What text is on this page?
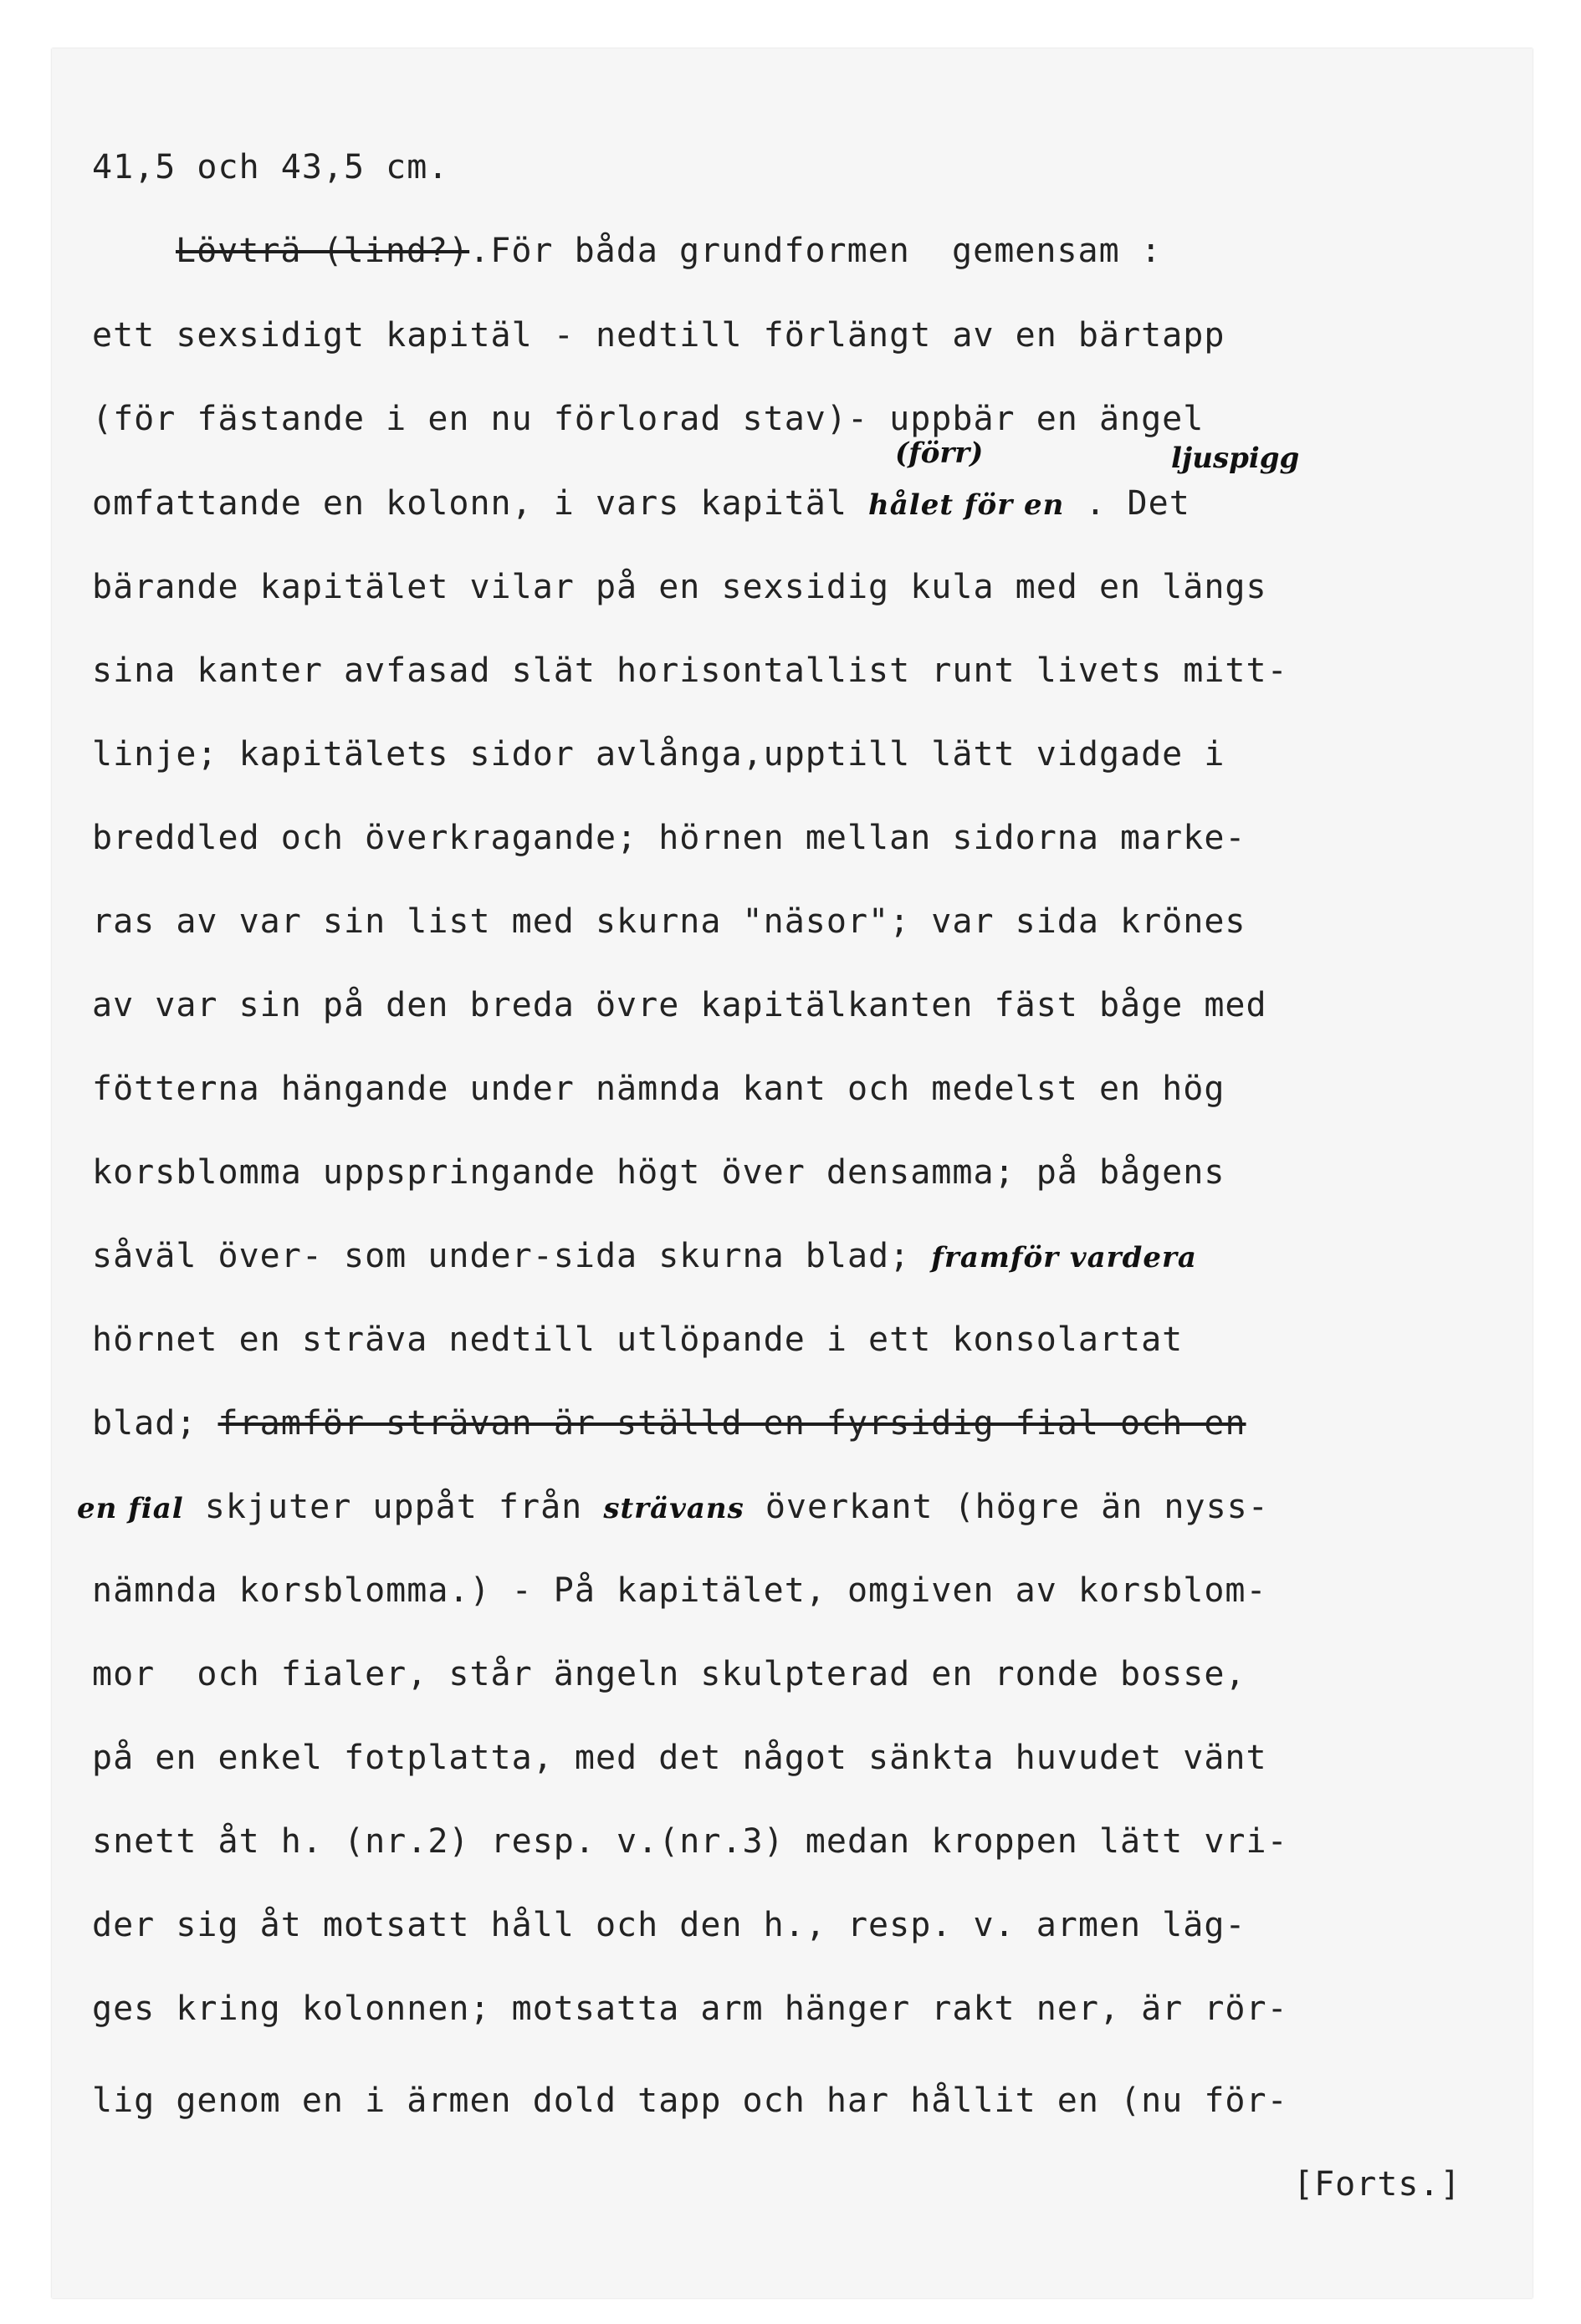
41,5 och 43,5 cm.
Lövträ (lind?).För båda grundformen  gemensam :
ett sexsidigt kapitäl - nedtill förlängt av en bärtapp
(för fästande i en nu förlorad stav)- uppbär en ängel
(förr)	ljuspigg
omfattande en kolonn, i vars kapitäl hålet för en . Det
bärande kapitälet vilar på en sexsidig kula med en längs
sina kanter avfasad slät horisontallist runt livets mitt-
linje; kapitälets sidor avlånga,upptill lätt vidgade i
breddled och överkragande; hörnen mellan sidorna marke-
ras av var sin list med skurna "näsor"; var sida krönes
av var sin på den breda övre kapitälkanten fäst båge med
fötterna hängande under nämnda kant och medelst en hög
korsblomma uppspringande högt över densamma; på bågens
såväl över- som under-sida skurna blad; framför vardera
hörnet en sträva nedtill utlöpande i ett konsolartat
blad; framför strävan är ställd en fyrsidig fial och en
en fial skjuter uppåt från strävans överkant (högre än nyss-
nämnda korsblomma.) - På kapitälet, omgiven av korsblom-
mor  och fialer, står ängeln skulpterad en ronde bosse,
på en enkel fotplatta, med det något sänkta huvudet vänt
snett åt h. (nr.2) resp. v.(nr.3) medan kroppen lätt vri-
der sig åt motsatt håll och den h., resp. v. armen läg-
ges kring kolonnen; motsatta arm hänger rakt ner, är rör-
lig genom en i ärmen dold tapp och har hållit en (nu för-
[Forts.]
